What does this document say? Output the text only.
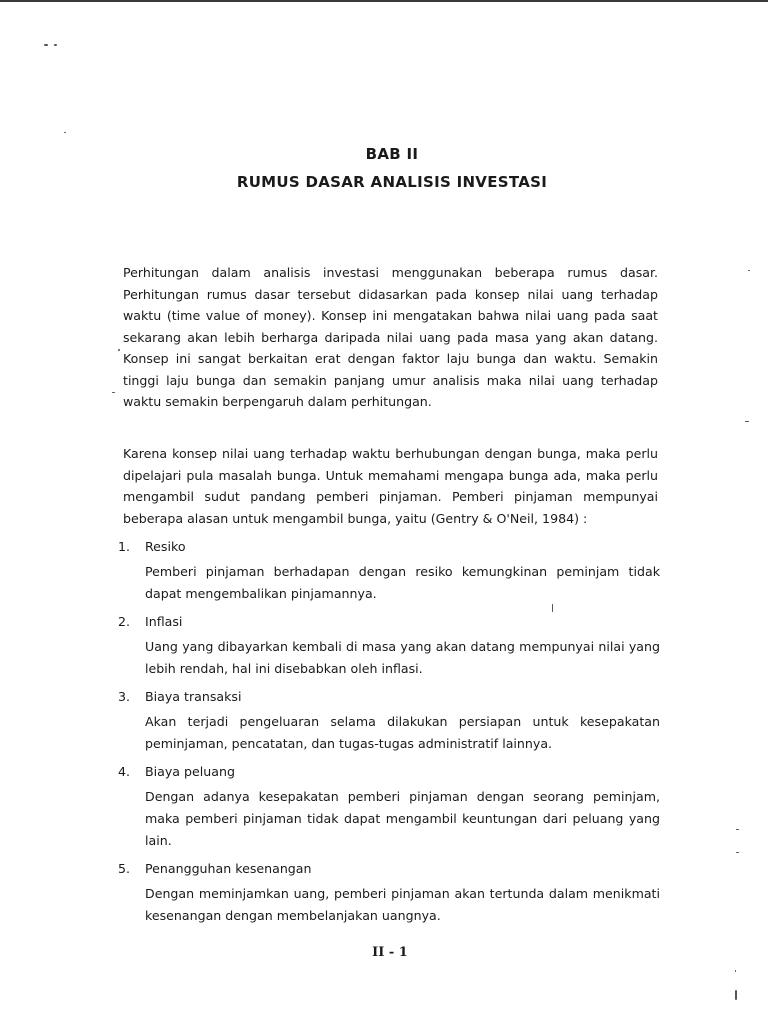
BAB II
RUMUS DASAR ANALISIS INVESTASI

Perhitungan dalam analisis investasi menggunakan beberapa rumus dasar. Perhitungan rumus dasar tersebut didasarkan pada konsep nilai uang terhadap waktu (time value of money). Konsep ini mengatakan bahwa nilai uang pada saat sekarang akan lebih berharga daripada nilai uang pada masa yang akan datang. Konsep ini sangat berkaitan erat dengan faktor laju bunga dan waktu. Semakin tinggi laju bunga dan semakin panjang umur analisis maka nilai uang terhadap waktu semakin berpengaruh dalam perhitungan.

Karena konsep nilai uang terhadap waktu berhubungan dengan bunga, maka perlu dipelajari pula masalah bunga. Untuk memahami mengapa bunga ada, maka perlu mengambil sudut pandang pemberi pinjaman. Pemberi pinjaman mempunyai beberapa alasan untuk mengambil bunga, yaitu (Gentry & O'Neil, 1984) :

1. Resiko
Pemberi pinjaman berhadapan dengan resiko kemungkinan peminjam tidak dapat mengembalikan pinjamannya.
2. Inflasi
Uang yang dibayarkan kembali di masa yang akan datang mempunyai nilai yang lebih rendah, hal ini disebabkan oleh inflasi.
3. Biaya transaksi
Akan terjadi pengeluaran selama dilakukan persiapan untuk kesepakatan peminjaman, pencatatan, dan tugas-tugas administratif lainnya.
4. Biaya peluang
Dengan adanya kesepakatan pemberi pinjaman dengan seorang peminjam, maka pemberi pinjaman tidak dapat mengambil keuntungan dari peluang yang lain.
5. Penangguhan kesenangan
Dengan meminjamkan uang, pemberi pinjaman akan tertunda dalam menikmati kesenangan dengan membelanjakan uangnya.
II - 1
